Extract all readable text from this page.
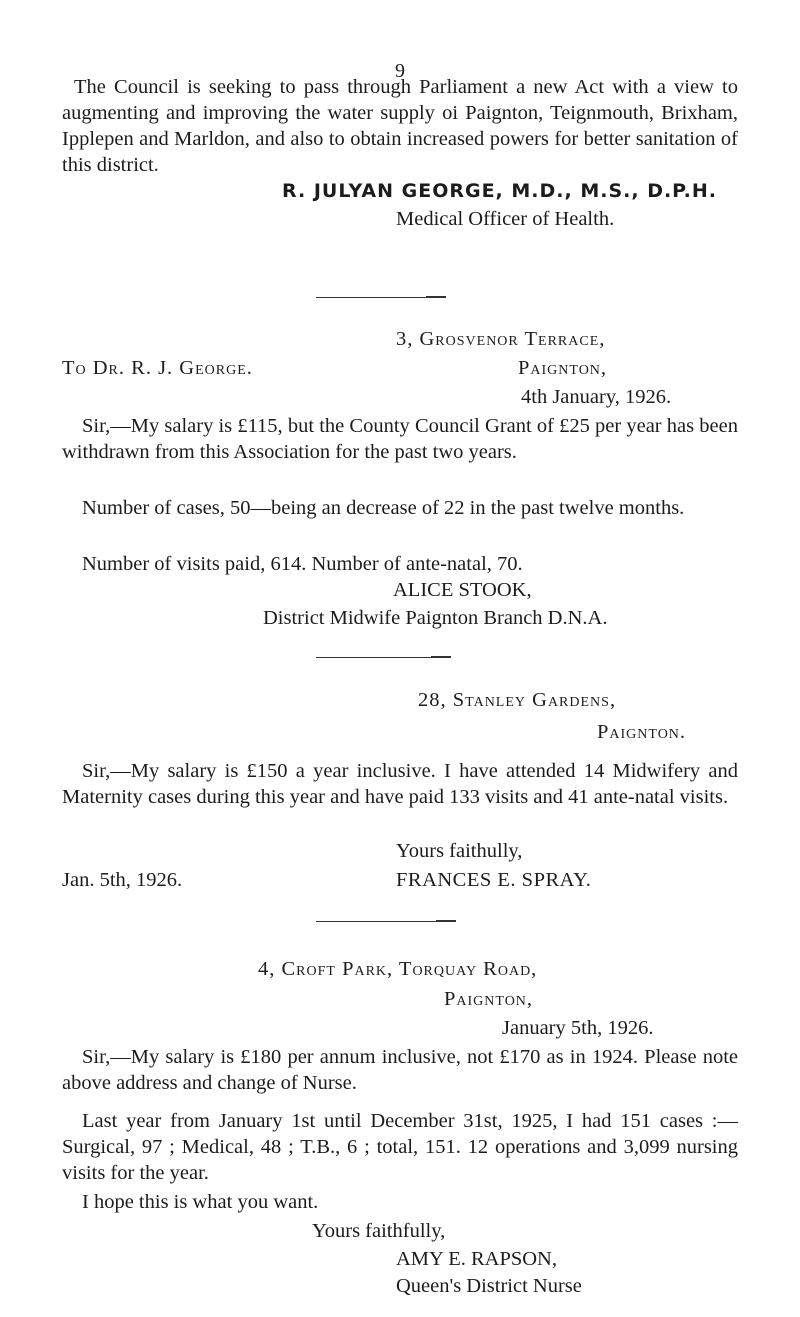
9
The Council is seeking to pass through Parliament a new Act with a view to augmenting and improving the water supply oi Paignton, Teignmouth, Brixham, Ipplepen and Marldon, and also to obtain increased powers for better sanitation of this district.
R. JULYAN GEORGE, M.D., M.S., D.P.H.
Medical Officer of Health.
3, Grosvenor Terrace,
To Dr. R. J. George.	Paignton,
4th January, 1926.
Sir,—My salary is £115, but the County Council Grant of £25 per year has been withdrawn from this Association for the past two years.
Number of cases, 50—being an decrease of 22 in the past twelve months.
Number of visits paid, 614. Number of ante-natal, 70.
ALICE STOOK,
District Midwife Paignton Branch D.N.A.
28, Stanley Gardens,
Paignton.
Sir,—My salary is £150 a year inclusive. I have attended 14 Midwifery and Maternity cases during this year and have paid 133 visits and 41 ante-natal visits.
Yours faithully,
Jan. 5th, 1926.	FRANCES E. SPRAY.
4, Croft Park, Torquay Road,
Paignton,
January 5th, 1926.
Sir,—My salary is £180 per annum inclusive, not £170 as in 1924. Please note above address and change of Nurse.
Last year from January 1st until December 31st, 1925, I had 151 cases :—Surgical, 97 ; Medical, 48 ; T.B., 6 ; total, 151. 12 operations and 3,099 nursing visits for the year.
I hope this is what you want.
Yours faithfully,
AMY E. RAPSON,
Queen's District Nurse
